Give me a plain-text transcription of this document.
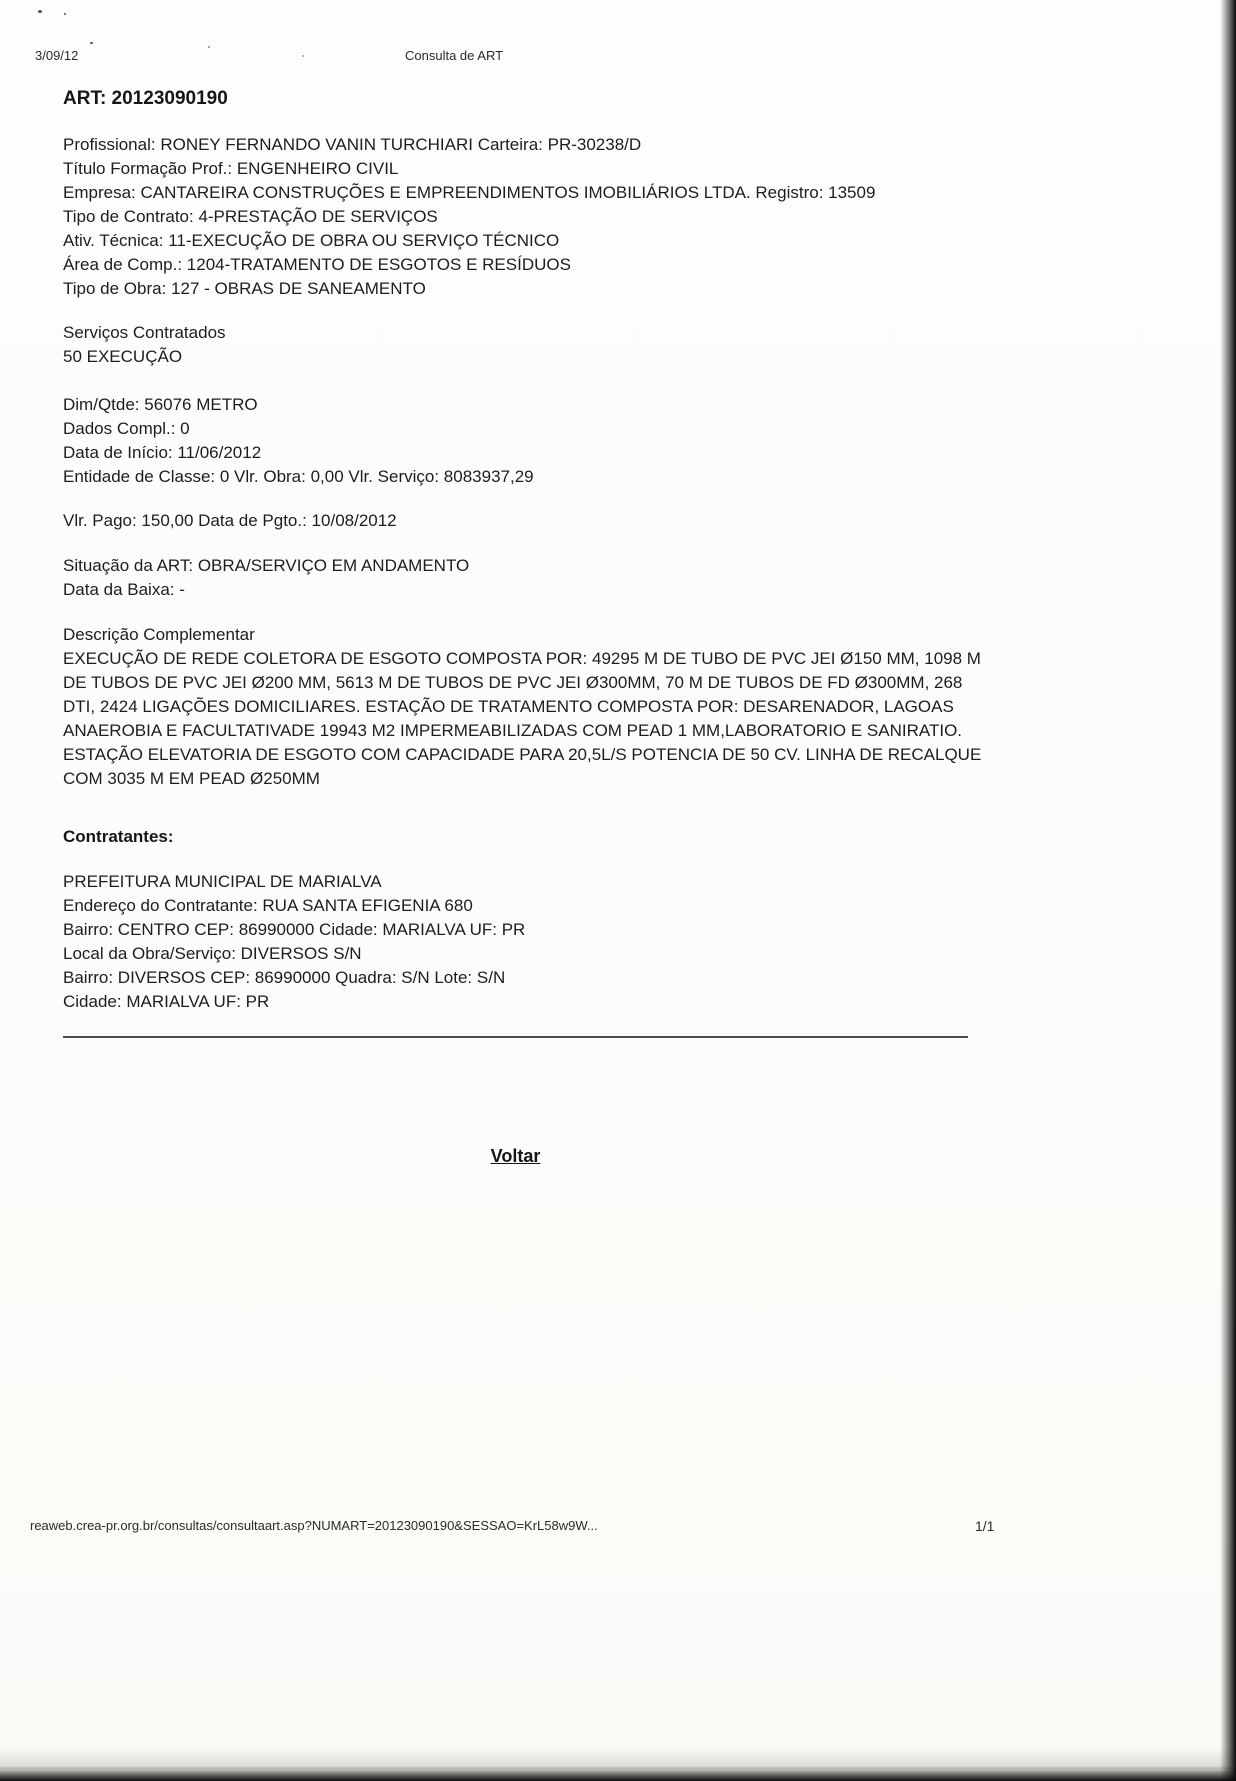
3/09/12	Consulta de ART
ART: 20123090190
Profissional: RONEY FERNANDO VANIN TURCHIARI Carteira: PR-30238/D
Título Formação Prof.: ENGENHEIRO CIVIL
Empresa: CANTAREIRA CONSTRUÇÕES E EMPREENDIMENTOS IMOBILIÁRIOS LTDA. Registro: 13509
Tipo de Contrato: 4-PRESTAÇÃO DE SERVIÇOS
Ativ. Técnica: 11-EXECUÇÃO DE OBRA OU SERVIÇO TÉCNICO
Área de Comp.: 1204-TRATAMENTO DE ESGOTOS E RESÍDUOS
Tipo de Obra: 127 - OBRAS DE SANEAMENTO
Serviços Contratados
50 EXECUÇÃO
Dim/Qtde: 56076 METRO
Dados Compl.: 0
Data de Início: 11/06/2012
Entidade de Classe: 0 Vlr. Obra: 0,00 Vlr. Serviço: 8083937,29
Vlr. Pago: 150,00 Data de Pgto.: 10/08/2012
Situação da ART: OBRA/SERVIÇO EM ANDAMENTO
Data da Baixa: -
Descrição Complementar
EXECUÇÃO DE REDE COLETORA DE ESGOTO COMPOSTA POR: 49295 M DE TUBO DE PVC JEI Ø150 MM, 1098 M DE TUBOS DE PVC JEI Ø200 MM, 5613 M DE TUBOS DE PVC JEI Ø300MM, 70 M DE TUBOS DE FD Ø300MM, 268 DTI, 2424 LIGAÇÕES DOMICILIARES. ESTAÇÃO DE TRATAMENTO COMPOSTA POR: DESARENADOR, LAGOAS ANAEROBIA E FACULTATIVADE 19943 M2 IMPERMEABILIZADAS COM PEAD 1 MM,LABORATORIO E SANIRATIO. ESTAÇÃO ELEVATORIA DE ESGOTO COM CAPACIDADE PARA 20,5L/S POTENCIA DE 50 CV. LINHA DE RECALQUE COM 3035 M EM PEAD Ø250MM
Contratantes:
PREFEITURA MUNICIPAL DE MARIALVA
Endereço do Contratante: RUA SANTA EFIGENIA 680
Bairro: CENTRO CEP: 86990000 Cidade: MARIALVA UF: PR
Local da Obra/Serviço: DIVERSOS S/N
Bairro: DIVERSOS CEP: 86990000 Quadra: S/N Lote: S/N
Cidade: MARIALVA UF: PR
Voltar
reaweb.crea-pr.org.br/consultas/consultaart.asp?NUMART=20123090190&SESSAO=KrL58w9W...	1/1
